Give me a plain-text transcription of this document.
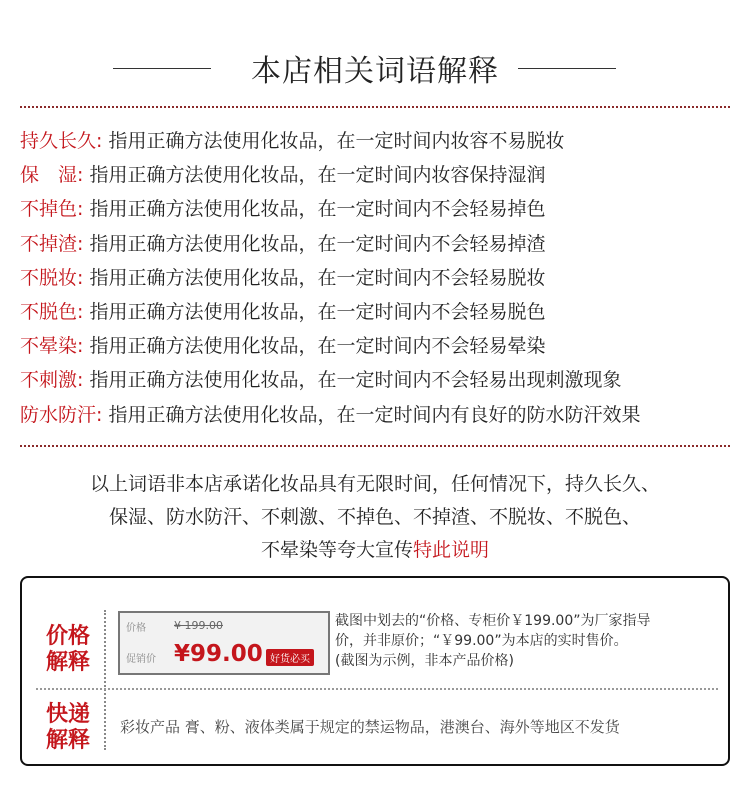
本店相关词语解释
持久长久: 指用正确方法使用化妆品，在一定时间内妆容不易脱妆
保　湿: 指用正确方法使用化妆品，在一定时间内妆容保持湿润
不掉色: 指用正确方法使用化妆品，在一定时间内不会轻易掉色
不掉渣: 指用正确方法使用化妆品，在一定时间内不会轻易掉渣
不脱妆: 指用正确方法使用化妆品，在一定时间内不会轻易脱妆
不脱色: 指用正确方法使用化妆品，在一定时间内不会轻易脱色
不晕染: 指用正确方法使用化妆品，在一定时间内不会轻易晕染
不刺激: 指用正确方法使用化妆品，在一定时间内不会轻易出现刺激现象
防水防汗: 指用正确方法使用化妆品，在一定时间内有良好的防水防汗效果
以上词语非本店承诺化妆品具有无限时间，任何情况下，持久长久、
保湿、防水防汗、不刺激、不掉色、不掉渣、不脱妆、不脱色、
不晕染等夸大宣传特此说明
价格
解释
价格	¥ 199.00
促销价 ¥99.00 好货必买
截图中划去的“价格、专柜价￥199.00”为厂家指导
价，并非原价；“￥99.00”为本店的实时售价。
(截图为示例，非本产品价格)
快递
解释
彩妆产品 膏、粉、液体类属于规定的禁运物品，港澳台、海外等地区不发货
